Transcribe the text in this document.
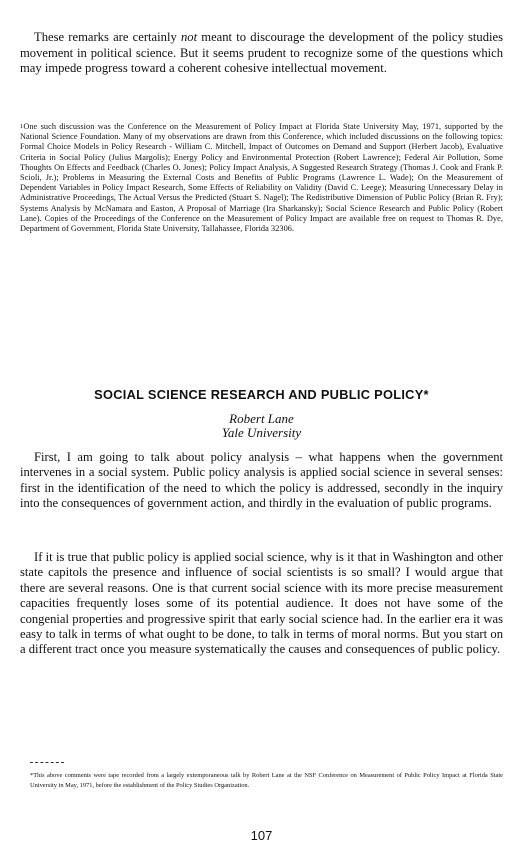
These remarks are certainly not meant to discourage the development of the policy studies movement in political science. But it seems prudent to recognize some of the questions which may impede progress toward a coherent cohesive intellectual movement.

$^1$One such discussion was the Conference on the Measurement of Policy Impact at Florida State University May, 1971, supported by the National Science Foundation. Many of my observations are drawn from this Conference, which included discussions on the following topics: Formal Choice Models in Policy Research - William C. Mitchell, Impact of Outcomes on Demand and Support (Herbert Jacob), Evaluative Criteria in Social Policy (Julius Margolis); Energy Policy and Environmental Protection (Robert Lawrence); Federal Air Pollution, Some Thoughts On Effects and Feedback (Charles O. Jones); Policy Impact Analysis, A Suggested Research Strategy (Thomas J. Cook and Frank P. Scioli, Jr.); Problems in Measuring the External Costs and Benefits of Public Programs (Lawrence L. Wade); On the Measurement of Dependent Variables in Policy Impact Research, Some Effects of Reliability on Validity (David C. Leege); Measuring Unnecessary Delay in Administrative Proceedings, The Actual Versus the Predicted (Stuart S. Nagel); The Redistributive Dimension of Public Policy (Brian R. Fry); Systems Analysis by McNamara and Easton, A Proposal of Marriage (Ira Sharkansky); Social Science Research and Public Policy (Robert Lane). Copies of the Proceedings of the Conference on the Measurement of Policy Impact are available free on request to Thomas R. Dye, Department of Government, Florida State University, Tallahassee, Florida 32306.

SOCIAL SCIENCE RESEARCH AND PUBLIC POLICY*

Robert Lane

Yale University

First, I am going to talk about policy analysis – what happens when the government intervenes in a social system. Public policy analysis is applied social science in several senses: first in the identification of the need to which the policy is addressed, secondly in the inquiry into the consequences of government action, and thirdly in the evaluation of public programs.

If it is true that public policy is applied social science, why is it that in Washington and other state capitols the presence and influence of social scientists is so small? I would argue that there are several reasons. One is that current social science with its more precise measurement capacities frequently loses some of its potential audience. It does not have some of the congenial properties and progressive spirit that early social science had. In the earlier era it was easy to talk in terms of what ought to be done, to talk in terms of moral norms. But you start on a different tract once you measure systematically the causes and consequences of public policy.

*This above comments were tape recorded from a largely extemporaneous talk by Robert Lane at the NSF Conference on Measurement of Public Policy Impact at Florida State University in May, 1971, before the establishment of the Policy Studies Organization.

107
